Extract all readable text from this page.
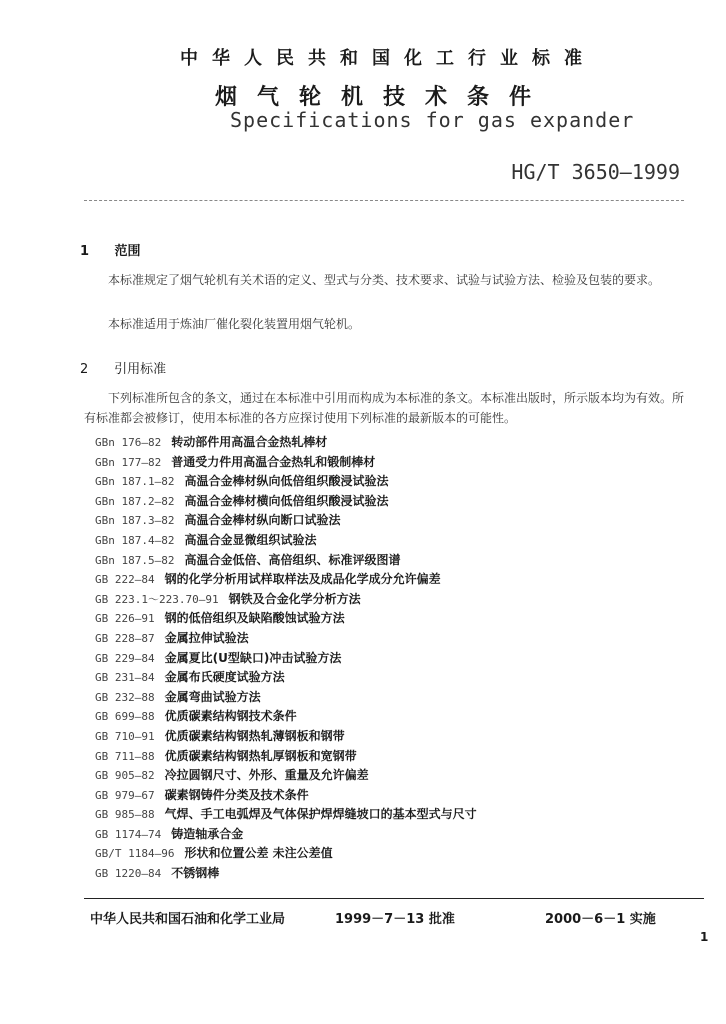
中华人民共和国化工行业标准
烟气轮机技术条件
Specifications for gas expander
HG/T 3650—1999
1 范围
本标准规定了烟气轮机有关术语的定义、型式与分类、技术要求、试验与试验方法、检验及包装的要求。
本标准适用于炼油厂催化裂化装置用烟气轮机。
2 引用标准
下列标准所包含的条文，通过在本标准中引用而构成为本标准的条文。本标准出版时，所示版本均为有效。所有标准都会被修订，使用本标准的各方应探讨使用下列标准的最新版本的可能性。
GBn 176—82 转动部件用高温合金热轧棒材
GBn 177—82 普通受力件用高温合金热轧和锻制棒材
GBn 187.1—82 高温合金棒材纵向低倍组织酸浸试验法
GBn 187.2—82 高温合金棒材横向低倍组织酸浸试验法
GBn 187.3—82 高温合金棒材纵向断口试验法
GBn 187.4—82 高温合金显微组织试验法
GBn 187.5—82 高温合金低倍、高倍组织、标准评级图谱
GB 222—84 钢的化学分析用试样取样法及成品化学成分允许偏差
GB 223.1～223.70—91 钢铁及合金化学分析方法
GB 226—91 钢的低倍组织及缺陷酸蚀试验方法
GB 228—87 金属拉伸试验法
GB 229—84 金属夏比(U型缺口)冲击试验方法
GB 231—84 金属布氏硬度试验方法
GB 232—88 金属弯曲试验方法
GB 699—88 优质碳素结构钢技术条件
GB 710—91 优质碳素结构钢热轧薄钢板和钢带
GB 711—88 优质碳素结构钢热轧厚钢板和宽钢带
GB 905—82 冷拉圆钢尺寸、外形、重量及允许偏差
GB 979—67 碳素钢铸件分类及技术条件
GB 985—88 气焊、手工电弧焊及气体保护焊焊缝坡口的基本型式与尺寸
GB 1174—74 铸造轴承合金
GB/T 1184—96 形状和位置公差 未注公差值
GB 1220—84 不锈钢棒
中华人民共和国石油和化学工业局	1999－7－13 批准	2000－6－1 实施
1
